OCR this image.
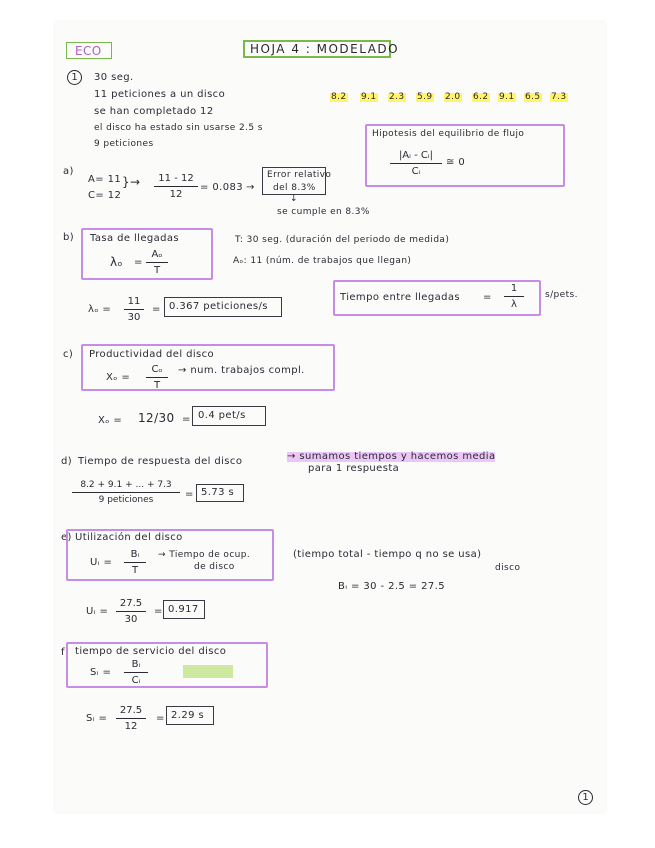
ECO	HOJA 4 : MODELADO
1	30 seg.
11 peticiones a un disco
se han completado 12
el disco ha estado sin usarse 2.5 s
9 peticiones
8.2 9.1 2.3 5.9 2.0 6.2 9.1 6.5 7.3
Hipotesis del equilibrio de flujo
$\frac{\text{|Aᵢ - Cᵢ|}}{\text{Cᵢ}}$ ≅ 0
a)
A= 11
C= 12
}→ $\frac{11 - 12}{12} = 0.083$ →
Error relativo
del 8.3%
↓
se cumple en 8.3%
b) Tasa de llegadas
$\lambda_o = \frac{\text{Aₒ}}{T}$
T: 30 seg. (duración del periodo de medida)
Aₒ: 11 (núm. de trabajos que llegan)
$\lambda_o = \frac{11}{30} = 0.367$ peticiones/s
Tiempo entre llegadas = $\frac{1}{\lambda}$ s/pets.
c) Productividad del disco
$X_o = \frac{\text{Cₒ}}{T}$ → num. trabajos compl.
Xₒ = 12/30 = 0.4 pet/s
d) Tiempo de respuesta del disco	→ sumamos tiempos y hacemos media
para 1 respuesta
8.2 + 9.1 + ... + 7.3
9 peticiones	= 5.73 s
e) Utilización del disco
Uᵢ = $\frac{\text{Bᵢ}}{T}$ → Tiempo de ocup.
de disco
(tiempo total - tiempo q no se usa)
disco
Bᵢ = 30 - 2.5 = 27.5
Uᵢ = $\frac{27.5}{30} = 0.917$
f) tiempo de servicio del disco
Sᵢ = $\frac{\text{Bᵢ}}{\text{Cᵢ}}$
Sᵢ = $\frac{27.5}{12} = 2.29$ s
1
